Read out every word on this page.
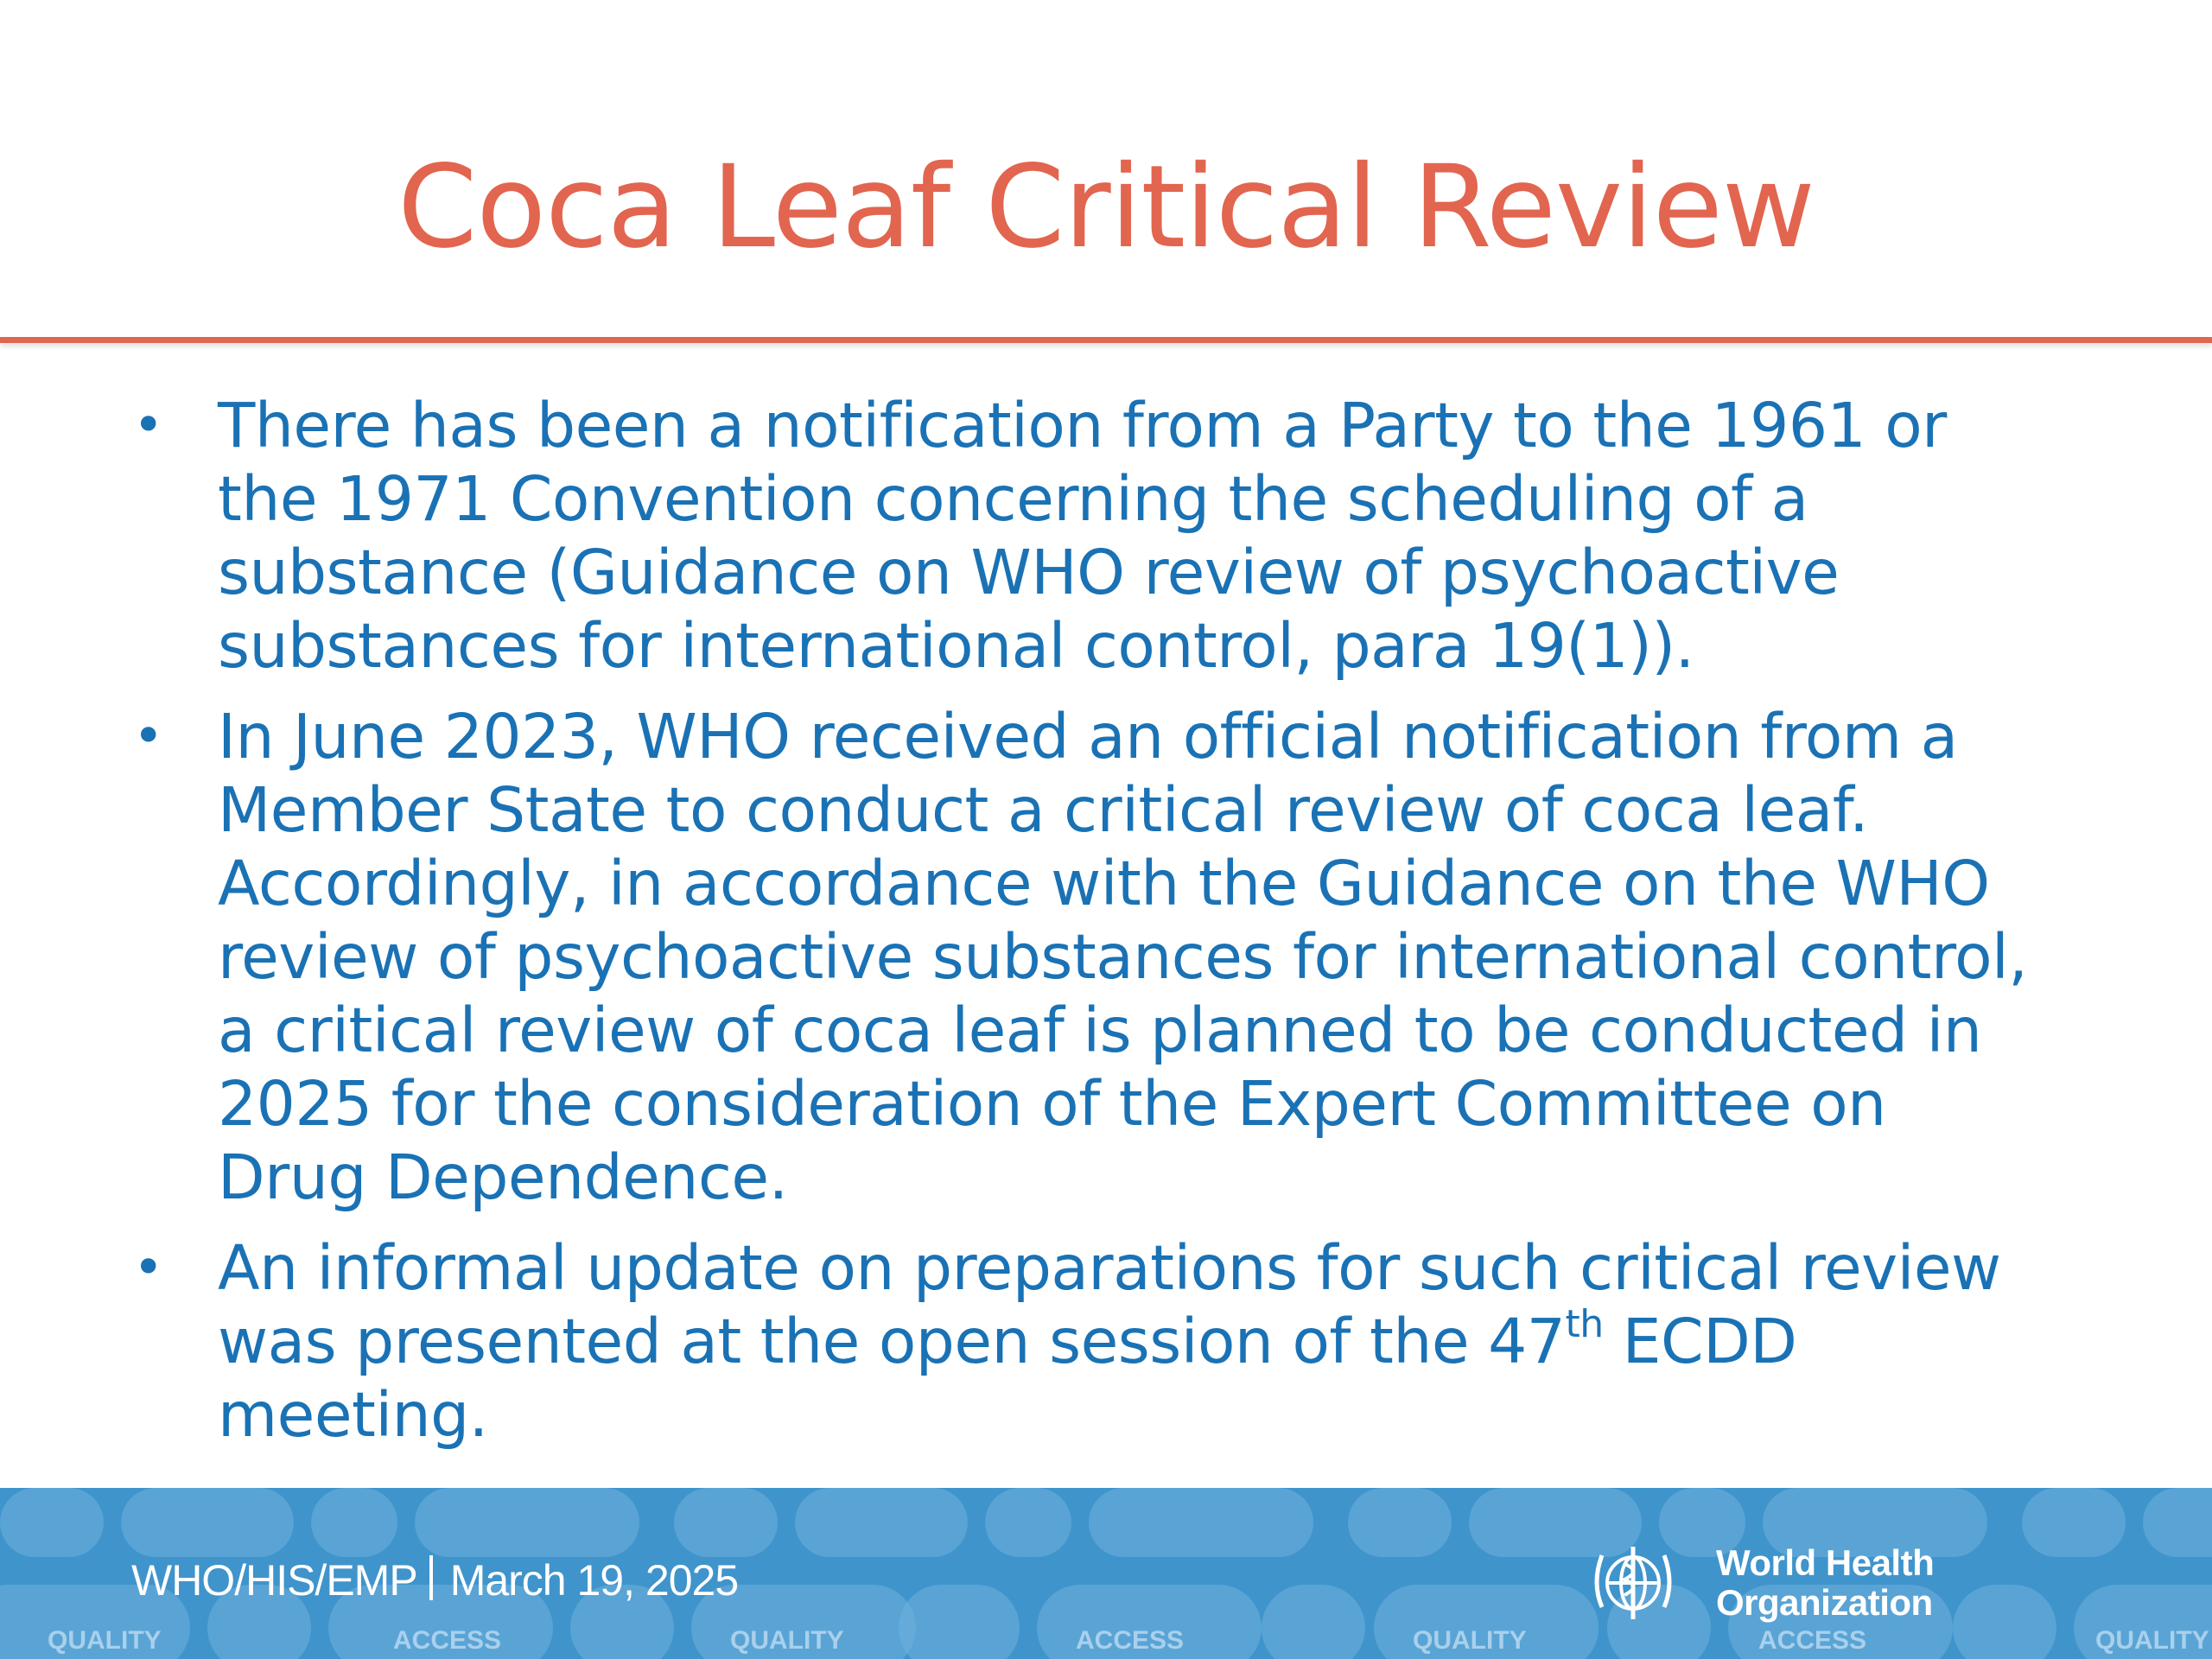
Coca Leaf Critical Review
• There has been a notification from a Party to the 1961 or
the 1971 Convention concerning the scheduling of a
substance (Guidance on WHO review of psychoactive
substances for international control, para 19(1)).
• In June 2023, WHO received an official notification from a
Member State to conduct a critical review of coca leaf.
Accordingly, in accordance with the Guidance on the WHO
review of psychoactive substances for international control,
a critical review of coca leaf is planned to be conducted in
2025 for the consideration of the Expert Committee on
Drug Dependence.
• An informal update on preparations for such critical review
was presented at the open session of the 47th ECDD
meeting.
QUALITY	ACCESS	QUALITY	ACCESS	QUALITY	ACCESS	QUALITY
WHO/HIS/EMP March 19, 2025	World Health
Organization
